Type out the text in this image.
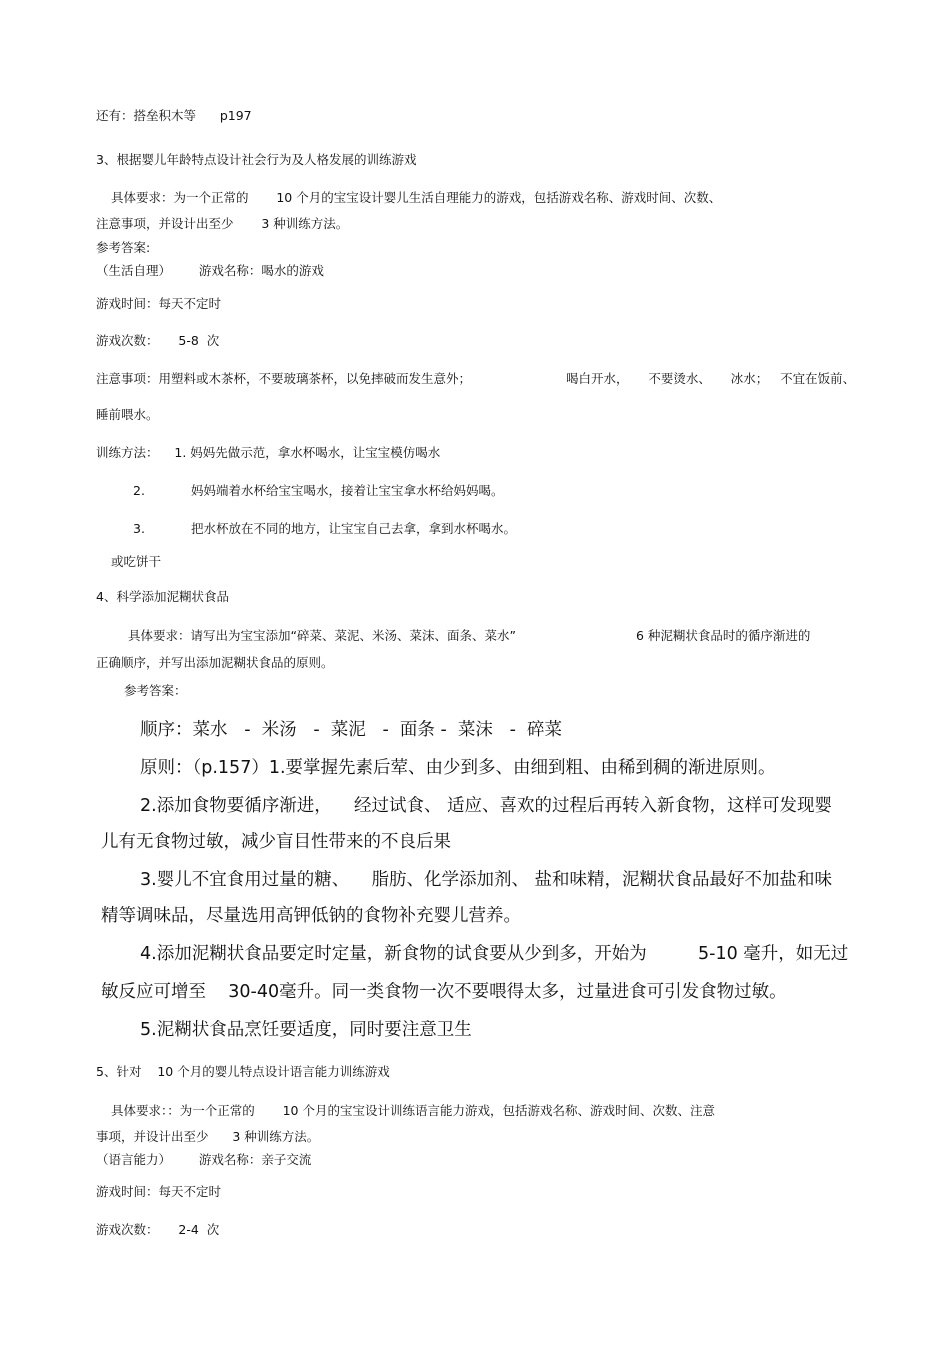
还有：搭垒积木等      p197

3、根据婴儿年龄特点设计社会行为及人格发展的训练游戏

具体要求：为一个正常的       10 个月的宝宝设计婴儿生活自理能力的游戏，包括游戏名称、游戏时间、次数、

注意事项，并设计出至少       3 种训练方法。

参考答案:

（生活自理）       游戏名称：喝水的游戏

游戏时间：每天不定时

游戏次数：     5-8  次

注意事项：用塑料或木茶杯，不要玻璃茶杯，以免摔破而发生意外；	喝白开水，     不要烫水、     冰水；   不宜在饭前、

睡前喂水。

训练方法：    1. 妈妈先做示范，拿水杯喝水，让宝宝模仿喝水

2.	妈妈端着水杯给宝宝喝水，接着让宝宝拿水杯给妈妈喝。

3.	把水杯放在不同的地方，让宝宝自己去拿，拿到水杯喝水。

或吃饼干

4、科学添加泥糊状食品

具体要求：请写出为宝宝添加“碎菜、菜泥、米汤、菜沫、面条、菜水”	6 种泥糊状食品时的循序渐进的

正确顺序，并写出添加泥糊状食品的原则。

参考答案：

顺序：菜水   -  米汤   -  菜泥   -  面条 -  菜沫   -  碎菜

原则：（p.157）1.要掌握先素后荤、由少到多、由细到粗、由稀到稠的渐进原则。

2.添加食物要循序渐进，    经过试食、 适应、喜欢的过程后再转入新食物，这样可发现婴

儿有无食物过敏，减少盲目性带来的不良后果

3.婴儿不宜食用过量的糖、    脂肪、化学添加剂、 盐和味精，泥糊状食品最好不加盐和味

精等调味品，尽量选用高钾低钠的食物补充婴儿营养。

4.添加泥糊状食品要定时定量，新食物的试食要从少到多，开始为	5-10 毫升，如无过

敏反应可增至    30-40毫升。同一类食物一次不要喂得太多，过量进食可引发食物过敏。

5.泥糊状食品烹饪要适度，同时要注意卫生

5、针对    10 个月的婴儿特点设计语言能力训练游戏

具体要求：：为一个正常的       10 个月的宝宝设计训练语言能力游戏，包括游戏名称、游戏时间、次数、注意

事项，并设计出至少      3 种训练方法。

（语言能力）       游戏名称：亲子交流

游戏时间：每天不定时

游戏次数：     2-4  次
